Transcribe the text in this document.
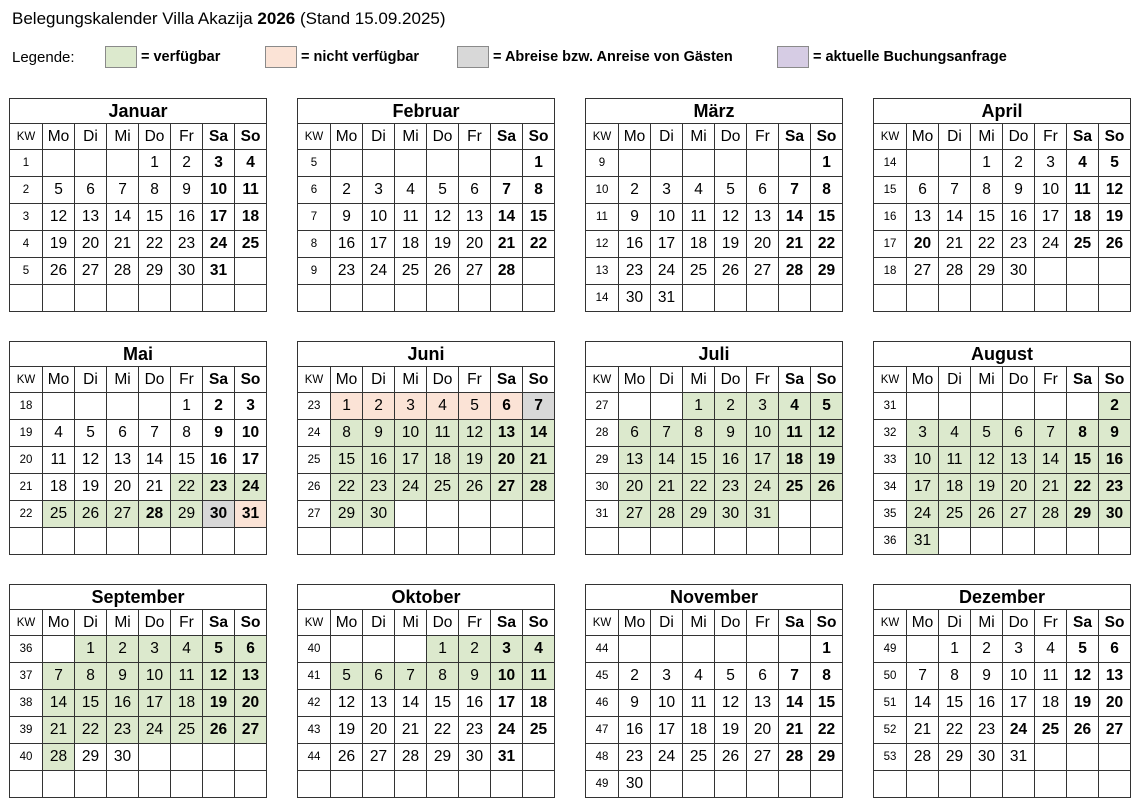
Belegungskalender Villa Akazija 2026 (Stand 15.09.2025)
Legende:	= verfügbar	= nicht verfügbar	= Abreise bzw. Anreise von Gästen	= aktuelle Buchungsanfrage
Januar							
KW	Mo	Di	Mi	Do	Fr	Sa	So
1				1	2	3	4
2	5	6	7	8	9	10	11
3	12	13	14	15	16	17	18
4	19	20	21	22	23	24	25
5	26	27	28	29	30	31	

Februar							
KW	Mo	Di	Mi	Do	Fr	Sa	So
5							1
6	2	3	4	5	6	7	8
7	9	10	11	12	13	14	15
8	16	17	18	19	20	21	22
9	23	24	25	26	27	28	

März							
KW	Mo	Di	Mi	Do	Fr	Sa	So
9							1
10	2	3	4	5	6	7	8
11	9	10	11	12	13	14	15
12	16	17	18	19	20	21	22
13	23	24	25	26	27	28	29
14	30	31					
April							
KW	Mo	Di	Mi	Do	Fr	Sa	So
14			1	2	3	4	5
15	6	7	8	9	10	11	12
16	13	14	15	16	17	18	19
17	20	21	22	23	24	25	26
18	27	28	29	30			

Mai							
KW	Mo	Di	Mi	Do	Fr	Sa	So
18					1	2	3
19	4	5	6	7	8	9	10
20	11	12	13	14	15	16	17
21	18	19	20	21	22	23	24
22	25	26	27	28	29	30	31

Juni							
KW	Mo	Di	Mi	Do	Fr	Sa	So
23	1	2	3	4	5	6	7
24	8	9	10	11	12	13	14
25	15	16	17	18	19	20	21
26	22	23	24	25	26	27	28
27	29	30					

Juli							
KW	Mo	Di	Mi	Do	Fr	Sa	So
27			1	2	3	4	5
28	6	7	8	9	10	11	12
29	13	14	15	16	17	18	19
30	20	21	22	23	24	25	26
31	27	28	29	30	31		

August							
KW	Mo	Di	Mi	Do	Fr	Sa	So
31							2
32	3	4	5	6	7	8	9
33	10	11	12	13	14	15	16
34	17	18	19	20	21	22	23
35	24	25	26	27	28	29	30
36	31						
September							
KW	Mo	Di	Mi	Do	Fr	Sa	So
36		1	2	3	4	5	6
37	7	8	9	10	11	12	13
38	14	15	16	17	18	19	20
39	21	22	23	24	25	26	27
40	28	29	30				

Oktober							
KW	Mo	Di	Mi	Do	Fr	Sa	So
40				1	2	3	4
41	5	6	7	8	9	10	11
42	12	13	14	15	16	17	18
43	19	20	21	22	23	24	25
44	26	27	28	29	30	31	

November							
KW	Mo	Di	Mi	Do	Fr	Sa	So
44							1
45	2	3	4	5	6	7	8
46	9	10	11	12	13	14	15
47	16	17	18	19	20	21	22
48	23	24	25	26	27	28	29
49	30						
Dezember							
KW	Mo	Di	Mi	Do	Fr	Sa	So
49		1	2	3	4	5	6
50	7	8	9	10	11	12	13
51	14	15	16	17	18	19	20
52	21	22	23	24	25	26	27
53	28	29	30	31			
